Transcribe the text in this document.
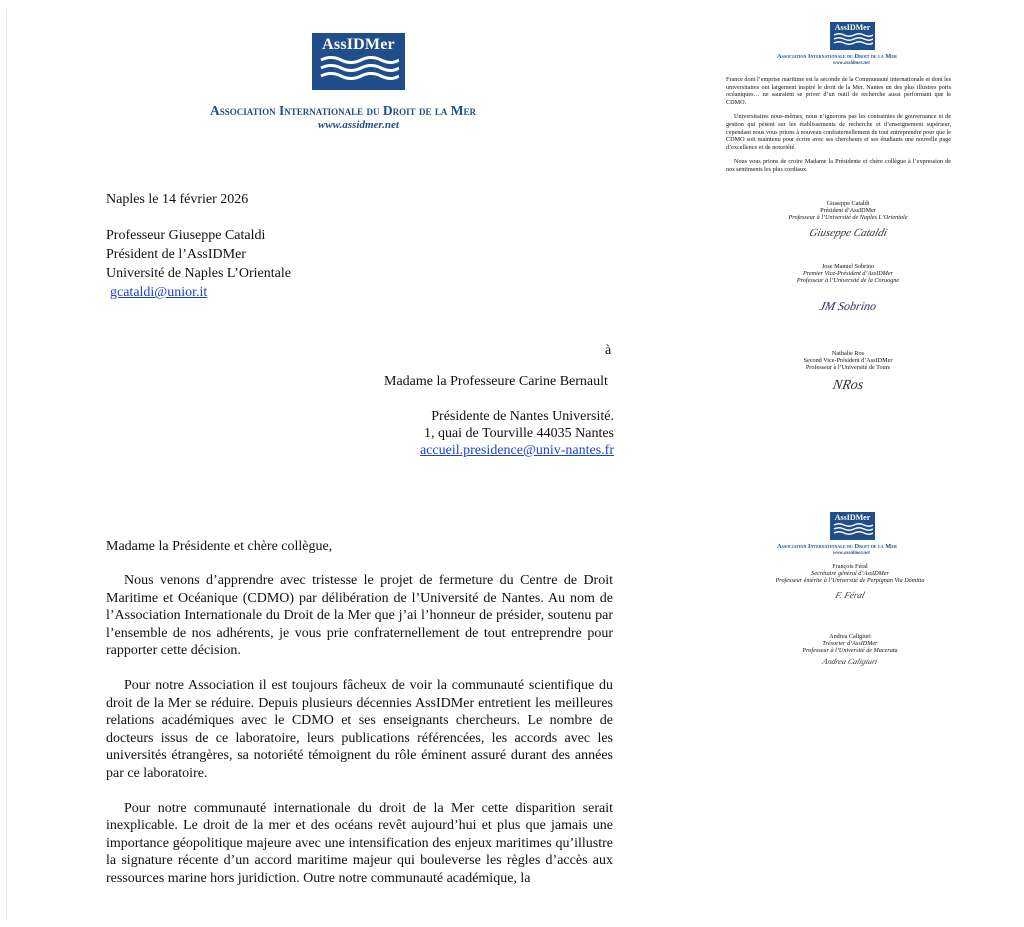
AssIDMer
Association Internationale du Droit de la Mer
www.assidmer.net
Naples le 14 février 2026
Professeur Giuseppe Cataldi
Président de l’AssIDMer
Université de Naples L’Orientale
gcataldi@unior.it
à
Madame la Professeure Carine Bernault
Présidente de Nantes Université.
1, quai de Tourville 44035 Nantes
accueil.presidence@univ-nantes.fr
Madame la Présidente et chère collègue,

Nous venons d’apprendre avec tristesse le projet de fermeture du Centre de Droit Maritime et Océanique (CDMO) par délibération de l’Université de Nantes. Au nom de l’Association Internationale du Droit de la Mer que j’ai l’honneur de présider, soutenu par l’ensemble de nos adhérents, je vous prie confraternellement de tout entreprendre pour rapporter cette décision.

Pour notre Association il est toujours fâcheux de voir la communauté scientifique du droit de la Mer se réduire. Depuis plusieurs décennies AssIDMer entretient les meilleures relations académiques avec le CDMO et ses enseignants chercheurs. Le nombre de docteurs issus de ce laboratoire, leurs publications référencées, les accords avec les universités étrangères, sa notoriété témoignent du rôle éminent assuré durant des années par ce laboratoire.

Pour notre communauté internationale du droit de la Mer cette disparition serait inexplicable. Le droit de la mer et des océans revêt aujourd’hui et plus que jamais une importance géopolitique majeure avec une intensification des enjeux maritimes qu’illustre la signature récente d’un accord maritime majeur qui bouleverse les règles d’accès aux ressources marine hors juridiction. Outre notre communauté académique, la

AssIDMer
Association Internationale du Droit de la Mer
www.assidmer.net

France dont l’emprise maritime est la seconde de la Communauté internationale et dont les universitaires ont largement inspiré le droit de la Mer. Nantes un des plus illustres ports océaniques… ne sauraient se priver d’un outil de recherche aussi performant que le CDMO.

Universitaires nous-mêmes, nous n’ignorons pas les contraintes de gouvernance et de gestion qui pèsent sur les établissements de recherche et d’enseignement supérieur, cependant nous vous prions à nouveau confraternellement de tout entreprendre pour que le CDMO soit maintenu pour écrire avec ses chercheurs et ses étudiants une nouvelle page d’excellence et de notoriété.

Nous vous prions de croire Madame la Présidente et chère collègue à l’expression de nos sentiments les plus cordiaux.

Giuseppe Cataldi
Président d’AssIDMer
Professeur à l’Université de Naples L’Orientale
Giuseppe Cataldi
Jose Manuel Sobrino
Premier Vice-Président d’AssIDMer
Professeur à l’Université de la Coruogne
JM Sobrino
Nathalie Ros
Second Vice-Président d’AssIDMer
Professeur à l’Université de Tours
NRos
AssIDMer
Association Internationale du Droit de la Mer
www.assidmer.net
François Féral
Secrétaire général d’AssIDMer
Professeur émérite à l’Université de Perpignan Via Domitia
F. Féral
Andrea Caligiuri
Trésorier d’AssIDMer
Professeur à l’Université de Macerata
Andrea Caligiuri
